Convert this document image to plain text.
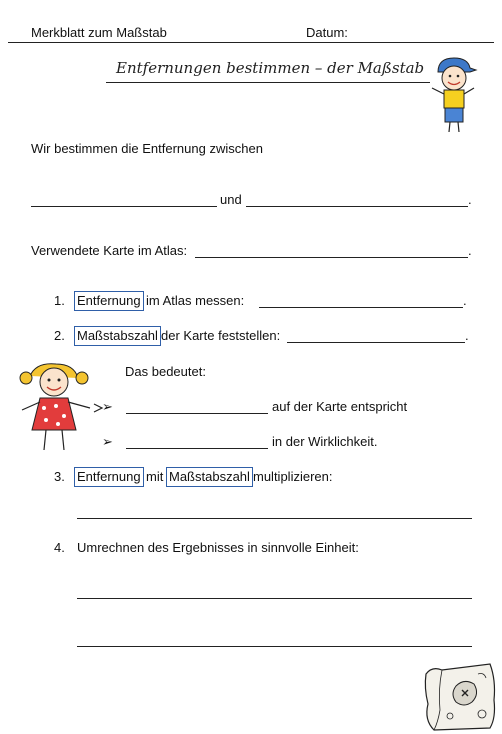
Merkblatt zum Maßstab	Datum:
Entfernungen bestimmen – der Maßstab
Wir bestimmen die Entfernung zwischen
und	.
Verwendete Karte im Atlas:	.
1. Entfernung im Atlas messen:	.
2. Maßstabszahl der Karte feststellen:	.
Das bedeutet:
➢	auf der Karte entspricht
➢	in der Wirklichkeit.
3. Entfernung mit Maßstabszahl multiplizieren:
4. Umrechnen des Ergebnisses in sinnvolle Einheit:
